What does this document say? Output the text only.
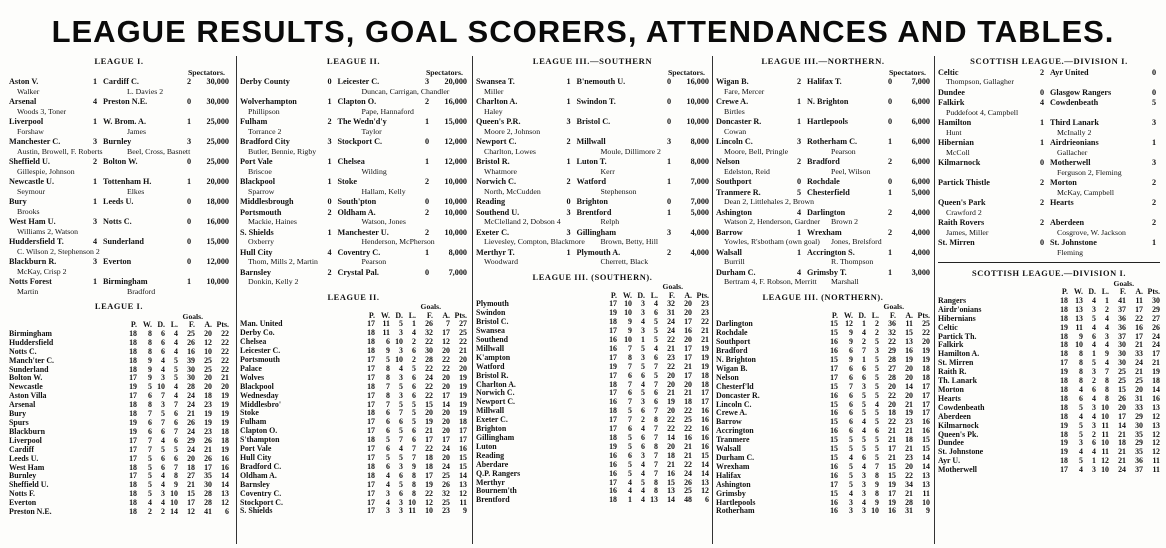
LEAGUE RESULTS, GOAL SCORERS, ATTENDANCES AND TABLES.
LEAGUE I.
Spectators.
Aston V.	1 Cardiff C.	2	30,000
Walker	L. Davies 2
Arsenal	4 Preston N.E.	0	30,000
Woods 3, Toner
Liverpool	1 W. Brom. A.	1	25,000
Forshaw	James
Manchester C.	3 Burnley	3	25,000
Austin, Browell, F. Roberts	Beel, Cross, Basnett
Sheffield U.	2 Bolton W.	0	25,000
Gillespie, Johnson
Newcastle U.	1 Tottenham H.	1	20,000
Seymour	Elkes
Bury	1 Leeds U.	0	18,000
Brooks
West Ham U.	3 Notts C.	0	16,000
Williams 2, Watson
Huddersfield T.	4 Sunderland	0	15,000
C. Wilson 2, Stephenson 2
Blackburn R.	3 Everton	0	12,000
McKay, Crisp 2
Notts Forest	1 Birmingham	1	10,000
Martin	Bradford
LEAGUE I.
Goals.
P. W. D. L.	F.	A. Pts.
Birmingham	18	8	6	4	25	20	22
Huddersfield	18	8	6	4	26	12	22
Notts C.	18	8	6	4	16	10	22
Manch'ter C.	18	9	4	5	39	25	22
Sunderland	18	9	4	5	30	25	22
Bolton W.	17	9	3	5	30	20	21
Newcastle	19	5 10	4	28	20	20
Aston Villa	17	6	7	4	24	18	19
Arsenal	18	8	3	7	24	23	19
Bury	18	7	5	6	21	19	19
Spurs	19	6	7	6	26	19	19
Blackburn	19	6	6	7	24	23	18
Liverpool	17	7	4	6	29	26	18
Cardiff	17	7	5	5	24	21	19
Leeds U.	17	5	6	6	20	26	16
West Ham	18	5	6	7	18	17	16
Burnley	17	5	4	8	27	35	14
Sheffield U.	18	5	4	9	21	30	14
Notts F.	18	5	3 10	15	28	13
Everton	18	4	4 10	17	28	12
Preston N.E.	18	2	2 14	12	41	6
LEAGUE II.
Spectators.
Derby County	0 Leicester C.	3	20,000
Duncan, Carrigan, Chandler
Wolverhampton	1 Clapton O.	2	16,000
Phillipson	Pape, Hannaford
Fulham	2 The Wedn'd'y	1	15,000
Torrance 2	Taylor
Bradford City	3 Stockport C.	0	12,000
Butler, Bennie, Rigby
Port Vale	1 Chelsea	1	12,000
Briscoe	Wilding
Blackpool	1 Stoke	2	10,000
Sparrow	Hallam, Kelly
Middlesbrough	0 South'pton	0	10,000
Portsmouth	2 Oldham A.	2	10,000
Mackie, Haines	Watson, Jones
S. Shields	1 Manchester U.	2	10,000
Oxberry	Henderson, McPherson
Hull City	4 Coventry C.	1	8,000
Thom, Mills 2, Martin	Pearson
Barnsley	2 Crystal Pal.	0	7,000
Donkin, Kelly 2
LEAGUE II.
Goals.
P. W. D. L.	F.	A. Pts.
Man. United	17 11	5	1	26	7	27
Derby Co.	18 11	3	4	32	17	25
Chelsea	18	6 10	2	22	12	22
Leicester C.	18	9	3	6	30	20	21
Portsmouth	17	5 10	2	28	22	20
Palace	17	8	4	5	22	22	20
Wolves	17	8	3	6	24	20	19
Blackpool	18	7	5	6	22	20	19
Wednesday	17	8	3	6	22	17	19
Middlesbro'	17	7	5	5	15	14	19
Stoke	18	6	7	5	20	20	19
Fulham	17	6	6	5	19	20	18
Clapton O.	17	6	5	6	21	20	17
S'thampton	18	5	7	6	17	17	17
Port Vale	17	6	4	7	22	24	16
Hull City	17	5	5	7	18	20	15
Bradford C.	18	6	3	9	18	24	15
Oldham A.	18	4	6	8	17	25	14
Barnsley	17	4	5	8	19	26	13
Coventry C.	17	3	6	8	22	32	12
Stockport C.	17	4	3 10	12	25	11
S. Shields	17	3	3 11	10	23	9
LEAGUE III.—SOUTHERN
Spectators.
Swansea T.	1 B'nemouth U.	0	16,000
Miller
Charlton A.	1 Swindon T.	0	10,000
Haley
Queen's P.R.	3 Bristol C.	0	10,000
Moore 2, Johnson
Newport C.	2 Millwall	3	8,000
Charlton, Lowes	Moule, Dillimore 2
Bristol R.	1 Luton T.	1	8,000
Whatmore	Kerr
Norwich C.	2 Watford	1	7,000
North, McCudden	Stephenson
Reading	0 Brighton	0	7,000
Southend U.	3 Brentford	1	5,000
McClelland 2, Dobson 4	Relph
Exeter C.	3 Gillingham	3	4,000
Lievesley, Compton, Blackmore	Brown, Betty, Hill
Merthyr T.	1 Plymouth A.	2	4,000
Woodward	Cherrett, Black
LEAGUE III. (SOUTHERN).
Goals.
P. W. D. L.	F.	A. Pts.
Plymouth	17 10	3	4	32	20	23
Swindon	19 10	3	6	31	20	23
Bristol C.	18	9	4	5	24	17	22
Swansea	17	9	3	5	24	16	21
Southend	16 10	1	5	22	20	21
Millwall	16	7	5	4	21	17	19
K'ampton	17	8	3	6	23	17	19
Watford	19	7	5	7	22	21	19
Bristol R.	17	6	6	5	20	17	18
Charlton A.	18	7	4	7	20	20	18
Norwich C.	17	6	5	6	21	21	17
Newport C.	16	7	3	6	19	18	17
Millwall	18	5	6	7	20	22	16
Exeter C.	17	7	2	8	22	25	16
Brighton	17	6	4	7	22	22	16
Gillingham	18	5	6	7	14	16	16
Luton	19	5	6	8	20	21	16
Reading	16	6	3	7	18	21	15
Aberdare	16	5	4	7	21	22	14
Q.P. Rangers	16	5	4	7	16	24	14
Merthyr	17	4	5	8	15	26	13
Bournem'th	16	4	4	8	13	25	12
Brentford	18	1	4 13	14	48	6
LEAGUE III.—NORTHERN.
Spectators.
Wigan B.	2 Halifax T.	0	7,000
Fare, Mercer
Crewe A.	1 N. Brighton	0	6,000
Birtles
Doncaster R.	1 Hartlepools	0	6,000
Cowan
Lincoln C.	3 Rotherham C.	1	6,000
Moore, Bell, Pringle	Pearson
Nelson	2 Bradford	2	6,000
Edelston, Reid	Peel, Wilson
Southport	0 Rochdale	0	6,000
Tranmere R.	5 Chesterfield	1	5,000
Dean 2, Littlehales 2, Brown
Ashington	4 Darlington	2	4,000
Watson 2, Henderson, Gardner	Brown 2
Barrow	1 Wrexham	2	4,000
Yowles, R'sbotham (own goal)	Jones, Brelsford
Walsall	1 Accrington S.	1	4,000
Burrill	R. Thompson
Durham C.	4 Grimsby T.	1	3,000
Bertram 4, F. Robson, Merritt	Marshall
LEAGUE III. (NORTHERN).
Goals.
P. W. D. L.	F.	A. Pts.
Darlington	15 12	1	2	36	11	25
Rochdale	15	9	4	2	32	15	22
Southport	16	9	2	5	22	13	20
Bradford	16	6	7	3	29	16	19
N. Brighton	15	9	1	5	28	19	19
Wigan B.	17	6	6	5	27	20	18
Nelson	17	6	6	5	28	20	18
Chesterf'ld	15	7	3	5	20	14	17
Doncaster R.	16	6	5	5	22	20	17
Lincoln C.	15	6	5	4	20	21	17
Crewe A.	16	6	5	5	18	19	17
Barrow	15	6	4	5	22	23	16
Accrington	16	6	4	6	21	21	16
Tranmere	15	5	5	5	21	18	15
Walsall	15	5	5	5	17	21	15
Durham C.	15	4	6	5	21	23	14
Wrexham	16	5	4	7	15	20	14
Halifax	16	5	3	8	15	22	13
Ashington	17	5	3	9	19	34	13
Grimsby	15	4	3	8	17	21	11
Hartlepools	16	3	4	9	19	28	10
Rotherham	16	3	3 10	16	31	9
SCOTTISH LEAGUE.—DIVISION I.
Celtic	2 Ayr United	0
Thompson, Gallagher
Dundee	0 Glasgow Rangers	0
Falkirk	4 Cowdenbeath	5
Puddefoot 4, Campbell
Hamilton	1 Third Lanark	3
Hunt	McInally 2
Hibernian	1 Airdrieonians	1
McColl	Gallacher
Kilmarnock	0 Motherwell	3
Ferguson 2, Fleming
Partick Thistle	2 Morton	2
McKay, Campbell
Queen's Park	2 Hearts	2
Crawford 2
Raith Rovers	2 Aberdeen	2
James, Miller	Cosgrove, W. Jackson
St. Mirren	0 St. Johnstone	1
Fleming
SCOTTISH LEAGUE.—DIVISION I.
Goals.
P. W. D. L.	F.	A. Pts.
Rangers	18 13	4	1	41	11	30
Airdr'onians	18 13	3	2	37	17	29
Hibernians	18 13	5	4	36	22	27
Celtic	19 11	4	4	36	16	26
Partick Th.	18	9	6	3	37	17	24
Falkirk	18 10	4	4	30	21	24
Hamilton A.	18	8	1	9	30	33	17
St. Mirren	17	8	5	4	30	24	21
Raith R.	19	8	3	7	25	21	19
Th. Lanark	18	8	2	8	25	25	18
Morton	18	4	6	8	15	20	14
Hearts	18	6	4	8	26	31	16
Cowdenbeath	18	5	3 10	20	33	13
Aberdeen	18	4	4 10	17	29	12
Kilmarnock	19	5	3 11	14	30	13
Queen's Pk.	18	5	2 11	21	35	12
Dundee	19	3	6 10	18	29	12
St. Johnstone	19	4	4 11	21	35	12
Ayr U.	18	5	1 12	21	36	11
Motherwell	17	4	3 10	24	37	11
